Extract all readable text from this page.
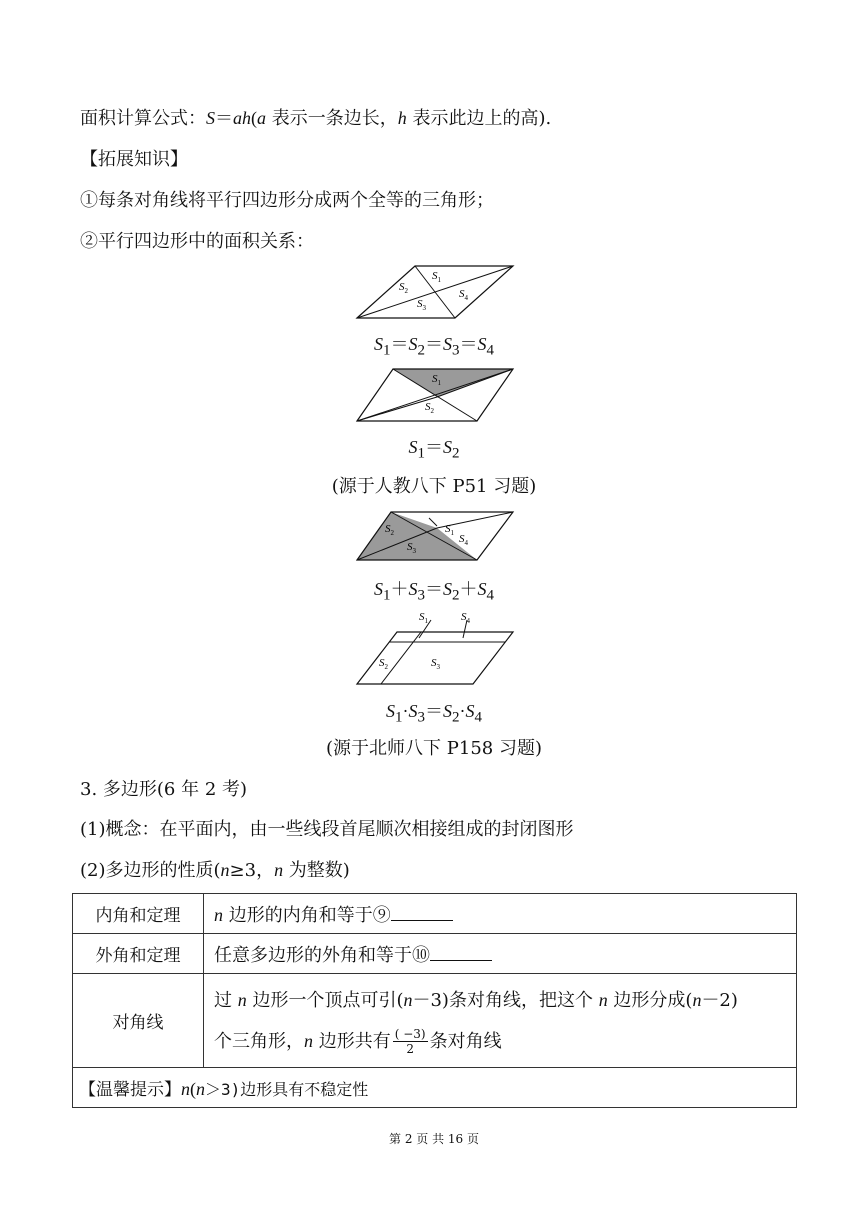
面积计算公式：S＝ah(a 表示一条边长，h 表示此边上的高).
【拓展知识】
①每条对角线将平行四边形分成两个全等的三角形；
②平行四边形中的面积关系：
$S_1$
$S_2$
$S_3$
$S_4$
$S_1=S_2=S_3=S_4$
$S_1$
$S_2$
$S_1=S_2$
(源于人教八下 P51 习题)
$S_2$
$S_3$
$S_1$ $S_4$
$S_1+S_3=S_2+S_4$
$S_1$	$S_4$
$S_2$	$S_3$
$S_1\cdot S_3=S_2\cdot S_4$
(源于北师八下 P158 习题)
3. 多边形(6 年 2 考)
(1)概念：在平面内，由一些线段首尾顺次相接组成的封闭图形
(2)多边形的性质(n≥3，n 为整数)
内角和定理	n 边形的内角和等于⑨
外角和定理	任意多边形的外角和等于⑩
对角线	过 n 边形一个顶点可引(n－3)条对角线，把这个 n 边形分成(n－2)
个三角形，n 边形共有 $\frac{( -3)}{2}$ 条对角线

【温馨提示】n(n＞3)边形具有不稳定性	
第 2 页 共 16 页
